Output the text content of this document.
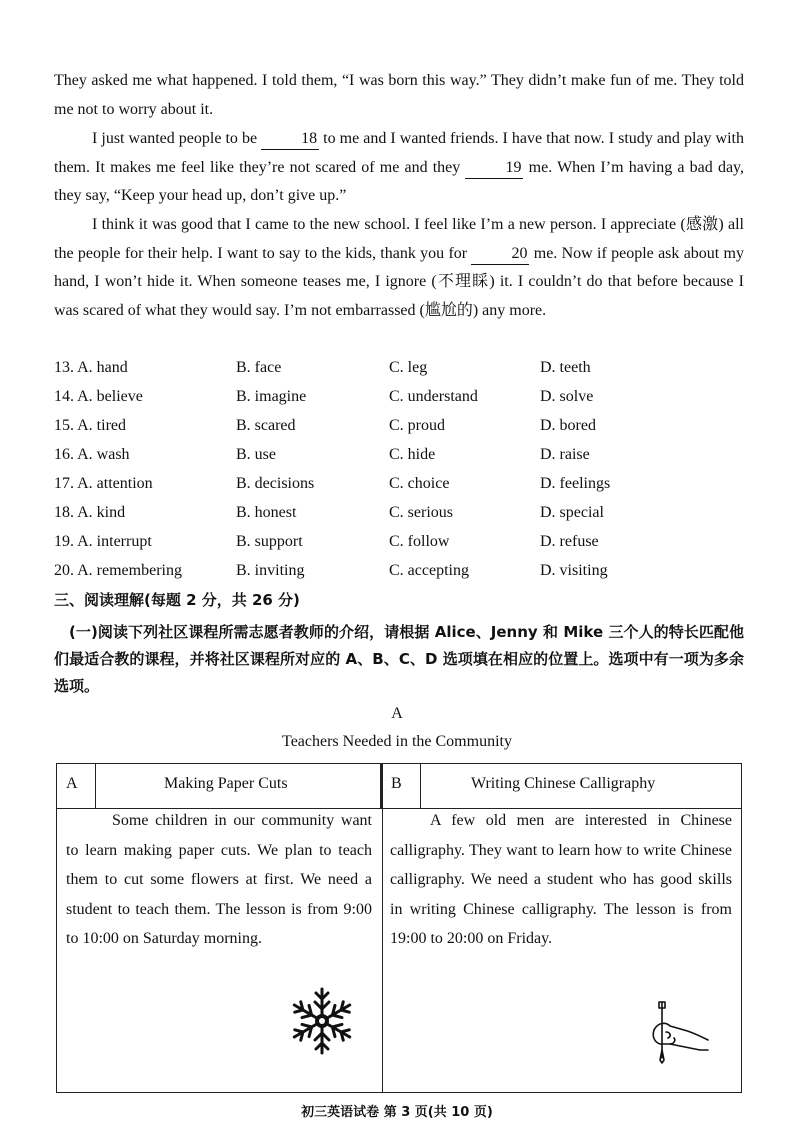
They asked me what happened. I told them, “I was born this way.” They didn’t make fun of me. They told me not to worry about it.
I just wanted people to be	18 to me and I wanted friends. I have that now. I study and play with them. It makes me feel like they’re not scared of me and they	19 me. When I’m having a bad day, they say, “Keep your head up, don’t give up.”
I think it was good that I came to the new school. I feel like I’m a new person. I appreciate (感激) all the people for their help. I want to say to the kids, thank you for	20 me. Now if people ask about my hand, I won’t hide it. When someone teases me, I ignore (不理睬) it. I couldn’t do that before because I was scared of what they would say. I’m not embarrassed (尴尬的) any more.
13. A. hand	B. face	C. leg	D. teeth
14. A. believe	B. imagine	C. understand	D. solve
15. A. tired	B. scared	C. proud	D. bored
16. A. wash	B. use	C. hide	D. raise
17. A. attention	B. decisions	C. choice	D. feelings
18. A. kind	B. honest	C. serious	D. special
19. A. interrupt	B. support	C. follow	D. refuse
20. A. remembering	B. inviting	C. accepting	D. visiting
三、阅读理解(每题 2 分，共 26 分)
(一)阅读下列社区课程所需志愿者教师的介绍，请根据 Alice、Jenny 和 Mike 三个人的特长匹配他们最适合教的课程，并将社区课程所对应的 A、B、C、D 选项填在相应的位置上。选项中有一项为多余选项。
A
Teachers Needed in the Community
A	Making Paper Cuts	B	Writing Chinese Calligraphy
Some children in our community want to learn making paper cuts. We plan to teach them to cut some flowers at first. We need a student to teach them. The lesson is from 9:00 to 10:00 on Saturday morning.
A few old men are interested in Chinese calligraphy. They want to learn how to write Chinese calligraphy. We need a student who has good skills in writing Chinese calligraphy. The lesson is from 19:00 to 20:00 on Friday.
初三英语试卷 第 3 页(共 10 页)
